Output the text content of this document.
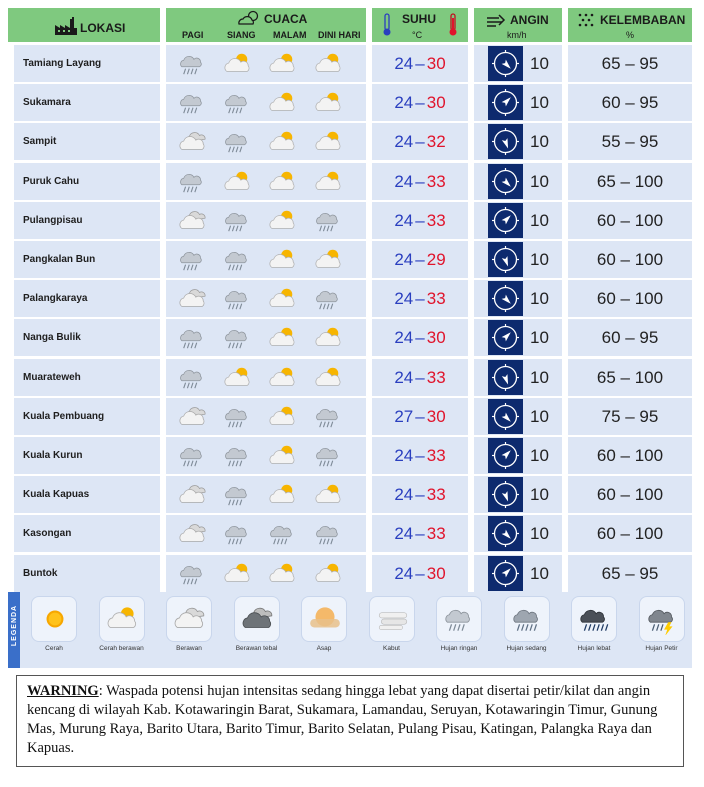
LOKASI
CUACA
PAGI	SIANG MALAM DINI HARI
SUHU
°C
ANGIN
km/h
KELEMBABAN
%
Tamiang Layang	24 – 30	10	65 – 95
Sukamara	24 – 30	10	60 – 95
Sampit	24 – 32	10	55 – 95
Puruk Cahu	24 – 33	10	65 – 100
Pulangpisau	24 – 33	10	60 – 100
Pangkalan Bun	24 – 29	10	60 – 100
Palangkaraya	24 – 33	10	60 – 100
Nanga Bulik	24 – 30	10	60 – 95
Muarateweh	24 – 33	10	65 – 100
Kuala Pembuang	27 – 30	10	75 – 95
Kuala Kurun	24 – 33	10	60 – 100
Kuala Kapuas	24 – 33	10	60 – 100
Kasongan	24 – 33	10	60 – 100
Buntok	24 – 30	10	65 – 95
LEGENDA
Cerah	Cerah berawan	Berawan	Berawan tebal	Asap	Kabut	Hujan ringan	Hujan sedang	Hujan lebat	Hujan Petir
WARNING: Waspada potensi hujan intensitas sedang hingga lebat yang dapat disertai petir/kilat dan angin kencang di wilayah Kab. Kotawaringin Barat, Sukamara, Lamandau, Seruyan, Kotawaringin Timur, Gunung Mas, Murung Raya, Barito Utara, Barito Timur, Barito Selatan, Pulang Pisau, Katingan, Palangka Raya dan Kapuas.
